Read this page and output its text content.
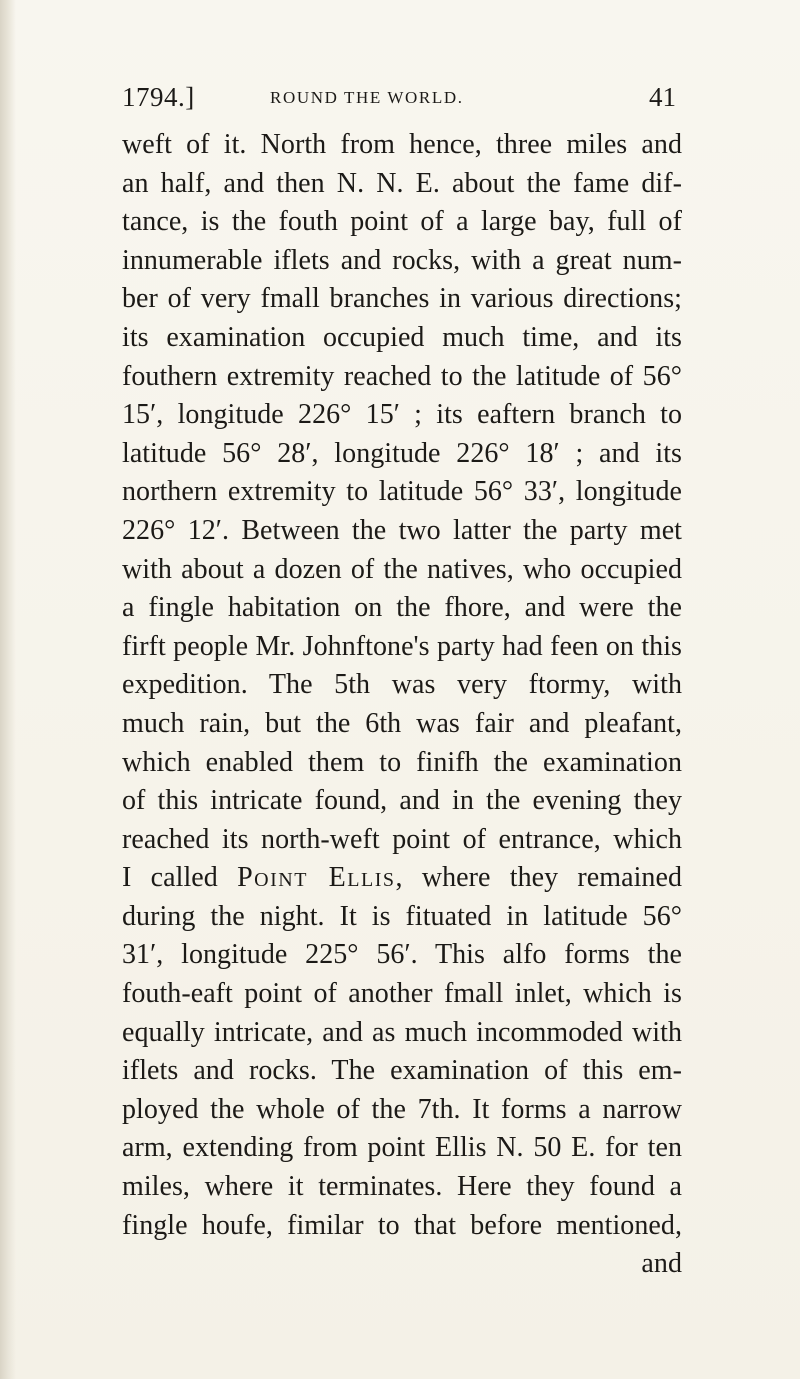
1794.]	ROUND THE WORLD.	41
weft of it. North from hence, three miles and
an half, and then N. N. E. about the fame dif-
tance, is the fouth point of a large bay, full of
innumerable iflets and rocks, with a great num-
ber of very fmall branches in various directions;
its examination occupied much time, and its
fouthern extremity reached to the latitude of 56°
15′, longitude 226° 15′ ; its eaftern branch to
latitude 56° 28′, longitude 226° 18′ ; and its
northern extremity to latitude 56° 33′, longitude
226° 12′. Between the two latter the party met
with about a dozen of the natives, who occupied
a fingle habitation on the fhore, and were the
firft people Mr. Johnftone's party had feen on this
expedition. The 5th was very ftormy, with
much rain, but the 6th was fair and pleafant,
which enabled them to finifh the examination
of this intricate found, and in the evening they
reached its north-weft point of entrance, which
I called Point Ellis, where they remained
during the night. It is fituated in latitude 56°
31′, longitude 225° 56′. This alfo forms the
fouth-eaft point of another fmall inlet, which is
equally intricate, and as much incommoded with
iflets and rocks. The examination of this em-
ployed the whole of the 7th. It forms a narrow
arm, extending from point Ellis N. 50 E. for ten
miles, where it terminates. Here they found a
fingle houfe, fimilar to that before mentioned,
and
